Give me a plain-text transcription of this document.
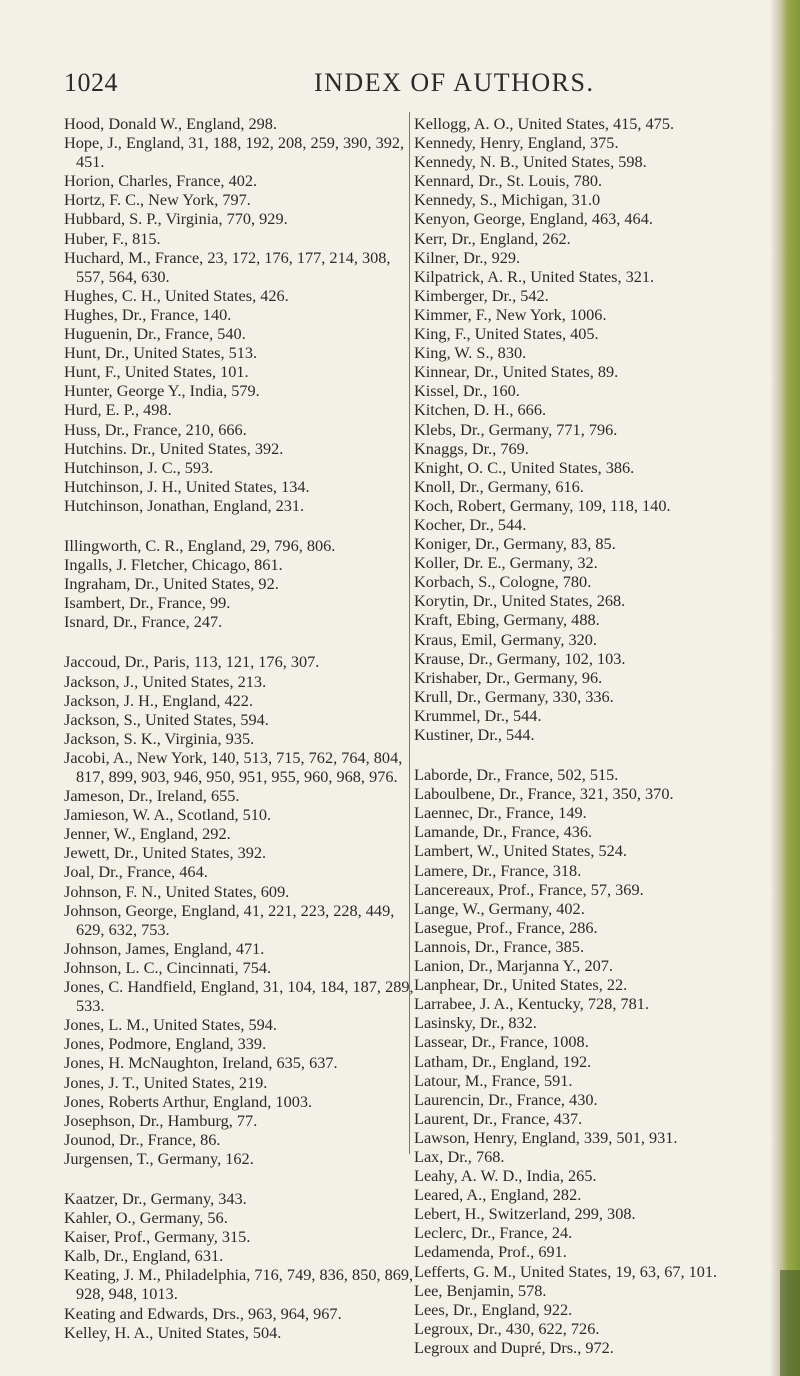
1024	INDEX OF AUTHORS.
Hood, Donald W., England, 298.
Hope, J., England, 31, 188, 192, 208, 259, 390, 392, 451.
Horion, Charles, France, 402.
Hortz, F. C., New York, 797.
Hubbard, S. P., Virginia, 770, 929.
Huber, F., 815.
Huchard, M., France, 23, 172, 176, 177, 214, 308, 557, 564, 630.
Hughes, C. H., United States, 426.
Hughes, Dr., France, 140.
Huguenin, Dr., France, 540.
Hunt, Dr., United States, 513.
Hunt, F., United States, 101.
Hunter, George Y., India, 579.
Hurd, E. P., 498.
Huss, Dr., France, 210, 666.
Hutchins. Dr., United States, 392.
Hutchinson, J. C., 593.
Hutchinson, J. H., United States, 134.
Hutchinson, Jonathan, England, 231.
Illingworth, C. R., England, 29, 796, 806.
Ingalls, J. Fletcher, Chicago, 861.
Ingraham, Dr., United States, 92.
Isambert, Dr., France, 99.
Isnard, Dr., France, 247.
Jaccoud, Dr., Paris, 113, 121, 176, 307.
Jackson, J., United States, 213.
Jackson, J. H., England, 422.
Jackson, S., United States, 594.
Jackson, S. K., Virginia, 935.
Jacobi, A., New York, 140, 513, 715, 762, 764, 804, 817, 899, 903, 946, 950, 951, 955, 960, 968, 976.
Jameson, Dr., Ireland, 655.
Jamieson, W. A., Scotland, 510.
Jenner, W., England, 292.
Jewett, Dr., United States, 392.
Joal, Dr., France, 464.
Johnson, F. N., United States, 609.
Johnson, George, England, 41, 221, 223, 228, 449, 629, 632, 753.
Johnson, James, England, 471.
Johnson, L. C., Cincinnati, 754.
Jones, C. Handfield, England, 31, 104, 184, 187, 289, 533.
Jones, L. M., United States, 594.
Jones, Podmore, England, 339.
Jones, H. McNaughton, Ireland, 635, 637.
Jones, J. T., United States, 219.
Jones, Roberts Arthur, England, 1003.
Josephson, Dr., Hamburg, 77.
Jounod, Dr., France, 86.
Jurgensen, T., Germany, 162.
Kaatzer, Dr., Germany, 343.
Kahler, O., Germany, 56.
Kaiser, Prof., Germany, 315.
Kalb, Dr., England, 631.
Keating, J. M., Philadelphia, 716, 749, 836, 850, 869, 928, 948, 1013.
Keating and Edwards, Drs., 963, 964, 967.
Kelley, H. A., United States, 504.
Kellogg, A. O., United States, 415, 475.
Kennedy, Henry, England, 375.
Kennedy, N. B., United States, 598.
Kennard, Dr., St. Louis, 780.
Kennedy, S., Michigan, 31.0
Kenyon, George, England, 463, 464.
Kerr, Dr., England, 262.
Kilner, Dr., 929.
Kilpatrick, A. R., United States, 321.
Kimberger, Dr., 542.
Kimmer, F., New York, 1006.
King, F., United States, 405.
King, W. S., 830.
Kinnear, Dr., United States, 89.
Kissel, Dr., 160.
Kitchen, D. H., 666.
Klebs, Dr., Germany, 771, 796.
Knaggs, Dr., 769.
Knight, O. C., United States, 386.
Knoll, Dr., Germany, 616.
Koch, Robert, Germany, 109, 118, 140.
Kocher, Dr., 544.
Koniger, Dr., Germany, 83, 85.
Koller, Dr. E., Germany, 32.
Korbach, S., Cologne, 780.
Korytin, Dr., United States, 268.
Kraft, Ebing, Germany, 488.
Kraus, Emil, Germany, 320.
Krause, Dr., Germany, 102, 103.
Krishaber, Dr., Germany, 96.
Krull, Dr., Germany, 330, 336.
Krummel, Dr., 544.
Kustiner, Dr., 544.
Laborde, Dr., France, 502, 515.
Laboulbene, Dr., France, 321, 350, 370.
Laennec, Dr., France, 149.
Lamande, Dr., France, 436.
Lambert, W., United States, 524.
Lamere, Dr., France, 318.
Lancereaux, Prof., France, 57, 369.
Lange, W., Germany, 402.
Lasegue, Prof., France, 286.
Lannois, Dr., France, 385.
Lanion, Dr., Marjanna Y., 207.
Lanphear, Dr., United States, 22.
Larrabee, J. A., Kentucky, 728, 781.
Lasinsky, Dr., 832.
Lassear, Dr., France, 1008.
Latham, Dr., England, 192.
Latour, M., France, 591.
Laurencin, Dr., France, 430.
Laurent, Dr., France, 437.
Lawson, Henry, England, 339, 501, 931.
Lax, Dr., 768.
Leahy, A. W. D., India, 265.
Leared, A., England, 282.
Lebert, H., Switzerland, 299, 308.
Leclerc, Dr., France, 24.
Ledamenda, Prof., 691.
Lefferts, G. M., United States, 19, 63, 67, 101.
Lee, Benjamin, 578.
Lees, Dr., England, 922.
Legroux, Dr., 430, 622, 726.
Legroux and Dupré, Drs., 972.
